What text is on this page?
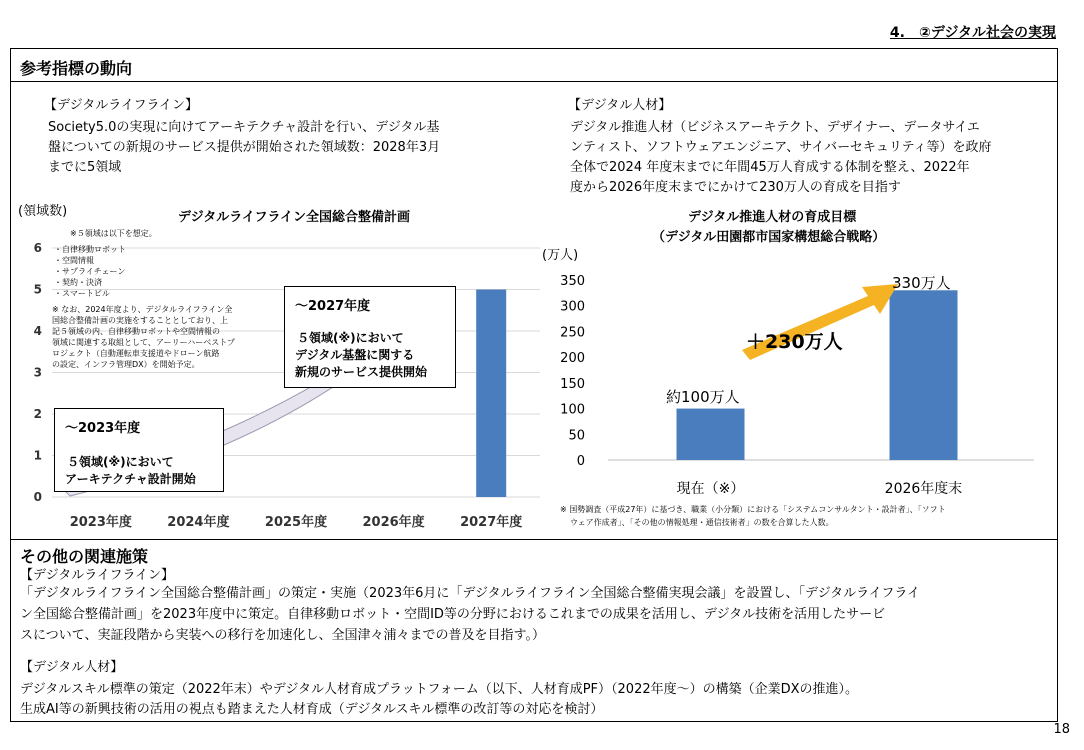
4.　②デジタル社会の実現
参考指標の動向
【デジタルライフライン】
Society5.0の実現に向けてアーキテクチャ設計を行い、デジタル基
盤についての新規のサービス提供が開始された領域数：2028年3月
までに5領域
【デジタル人材】
デジタル推進人材（ビジネスアーキテクト、デザイナー、データサイエ
ンティスト、ソフトウェアエンジニア、サイバーセキュリティ等）を政府
全体で2024 年度末までに年間45万人育成する体制を整え、2022年
度から2026年度末までにかけて230万人の育成を目指す
(領域数)	デジタルライフライン全国総合整備計画
0
1
2
3
4
5
6
2023年度	2024年度	2025年度	2026年度	2027年度
0
50
100
150
200
250
300
350
現在（※）	2026年度末
※５領域は以下を想定。
・自律移動ロボット
・空間情報
・サプライチェーン
・契約・決済
・スマートビル
※ なお、2024年度より、デジタルライフライン全
国総合整備計画の実施をすることとしており、上
記５領域の内、自律移動ロボットや空間情報の
領域に関連する取組として、アーリーハーベストプ
ロジェクト（自動運転車支援道やドローン航路
の設定、インフラ管理DX）を開始予定。
～2027年度
５領域(※)において
デジタル基盤に関する
新規のサービス提供開始
～2023年度
５領域(※)において
アーキテクチャ設計開始
デジタル推進人材の育成目標
（デジタル田園都市国家構想総合戦略）
(万人)
約100万人
330万人
＋230万人
※ 国勢調査（平成27年）に基づき、職業（小分類）における「システムコンサルタント・設計者」、「ソフト
ウェア作成者」、「その他の情報処理・通信技術者」の数を合算した人数。
その他の関連施策
【デジタルライフライン】
「デジタルライフライン全国総合整備計画」の策定・実施（2023年6月に「デジタルライフライン全国総合整備実現会議」を設置し、「デジタルライフライ
ン全国総合整備計画」を2023年度中に策定。自律移動ロボット・空間ID等の分野におけるこれまでの成果を活用し、デジタル技術を活用したサービ
スについて、実証段階から実装への移行を加速化し、全国津々浦々までの普及を目指す。）
【デジタル人材】
デジタルスキル標準の策定（2022年末）やデジタル人材育成プラットフォーム（以下、人材育成PF）（2022年度～）の構築（企業DXの推進）。
生成AI等の新興技術の活用の視点も踏まえた人材育成（デジタルスキル標準の改訂等の対応を検討）
18
